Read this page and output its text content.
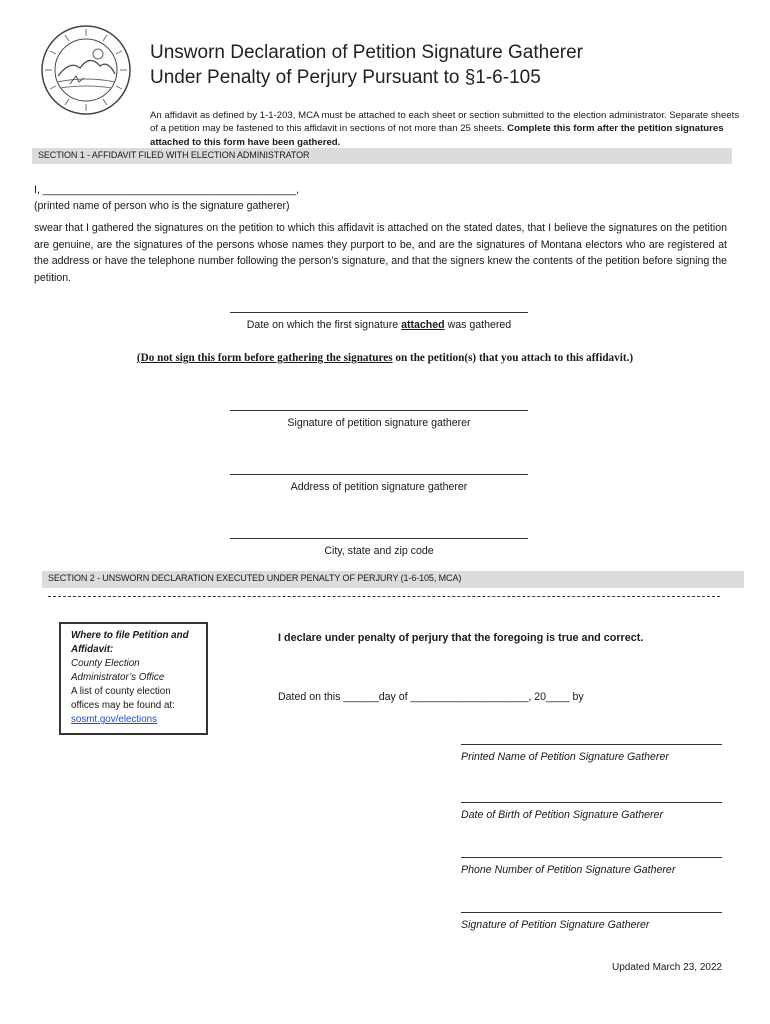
Unsworn Declaration of Petition Signature Gatherer
Under Penalty of Perjury Pursuant to §1-6-105
An affidavit as defined by 1-1-203, MCA must be attached to each sheet or section submitted to the election administrator. Separate sheets of a petition may be fastened to this affidavit in sections of not more than 25 sheets. Complete this form after the petition signatures attached to this form have been gathered.
SECTION 1 - AFFIDAVIT FILED WITH ELECTION ADMINISTRATOR
I, ___________________________________________,
(printed name of person who is the signature gatherer)
swear that I gathered the signatures on the petition to which this affidavit is attached on the stated dates, that I believe the signatures on the petition are genuine, are the signatures of the persons whose names they purport to be, and are the signatures of Montana electors who are registered at the address or have the telephone number following the person’s signature, and that the signers knew the contents of the petition before signing the petition.
Date on which the first signature attached was gathered
(Do not sign this form before gathering the signatures on the petition(s) that you attach to this affidavit.)
Signature of petition signature gatherer
Address of petition signature gatherer
City, state and zip code
SECTION 2 - UNSWORN DECLARATION EXECUTED UNDER PENALTY OF PERJURY (1-6-105, MCA)
Where to file Petition and Affidavit:
County Election Administrator’s Office
A list of county election offices may be found at:
sosmt.gov/elections
I declare under penalty of perjury that the foregoing is true and correct.
Dated on this ______day of ____________________, 20____ by
Printed Name of Petition Signature Gatherer
Date of Birth of Petition Signature Gatherer
Phone Number of Petition Signature Gatherer
Signature of Petition Signature Gatherer
Updated March 23, 2022
